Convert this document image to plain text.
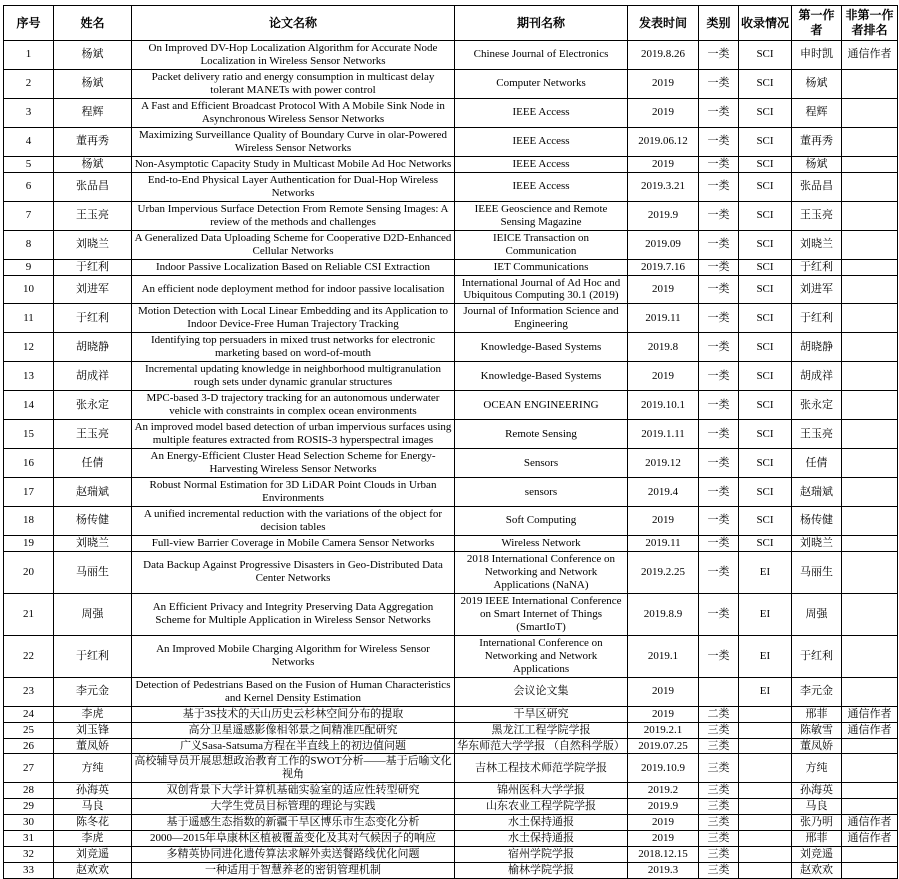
序号	姓名	论文名称	期刊名称	发表时间	类别	收录情况	第一作者	非第一作者排名
1	杨斌	On Improved DV-Hop Localization Algorithm for Accurate Node Localization in Wireless Sensor Networks	Chinese Journal of Electronics	2019.8.26	一类	SCI	申时凯	通信作者
2	杨斌	Packet delivery ratio and energy consumption in multicast delay tolerant MANETs with power control	Computer Networks	2019	一类	SCI	杨斌	
3	程辉	A Fast and Efficient Broadcast Protocol With A Mobile Sink Node in Asynchronous Wireless Sensor Networks	IEEE Access	2019	一类	SCI	程辉	
4	董再秀	Maximizing Surveillance Quality of Boundary Curve in olar-Powered Wireless Sensor Networks	IEEE Access	2019.06.12	一类	SCI	董再秀	
5	杨斌	Non-Asymptotic Capacity Study in Multicast Mobile Ad Hoc Networks	IEEE Access	2019	一类	SCI	杨斌	
6	张品昌	End-to-End Physical Layer Authentication for Dual-Hop Wireless Networks	IEEE Access	2019.3.21	一类	SCI	张品昌	
7	王玉亮	Urban Impervious Surface Detection From Remote Sensing Images: A review of the methods and challenges	IEEE Geoscience and Remote Sensing Magazine	2019.9	一类	SCI	王玉亮	
8	刘晓兰	A Generalized Data Uploading Scheme for Cooperative D2D-Enhanced Cellular Networks	IEICE Transaction on Communication	2019.09	一类	SCI	刘晓兰	
9	于红利	Indoor Passive Localization Based on Reliable CSI Extraction	IET Communications	2019.7.16	一类	SCI	于红利	
10	刘进军	An efficient node deployment method for indoor passive localisation	International Journal of Ad Hoc and Ubiquitous Computing 30.1 (2019)	2019	一类	SCI	刘进军	
11	于红利	Motion Detection with Local Linear Embedding and its Application to Indoor Device-Free Human Trajectory Tracking	Journal of Information Science and Engineering	2019.11	一类	SCI	于红利	
12	胡晓静	Identifying top persuaders in mixed trust networks for electronic marketing based on word-of-mouth	Knowledge-Based Systems	2019.8	一类	SCI	胡晓静	
13	胡成祥	Incremental updating knowledge in neighborhood multigranulation rough sets under dynamic granular structures	Knowledge-Based Systems	2019	一类	SCI	胡成祥	
14	张永定	MPC-based 3-D trajectory tracking for an autonomous underwater vehicle with constraints in complex ocean environments	OCEAN ENGINEERING	2019.10.1	一类	SCI	张永定	
15	王玉亮	An improved model based detection of urban impervious surfaces using multiple features extracted from ROSIS-3 hyperspectral images	Remote Sensing	2019.1.11	一类	SCI	王玉亮	
16	任倩	An Energy-Efficient Cluster Head Selection Scheme for Energy-Harvesting Wireless Sensor Networks	Sensors	2019.12	一类	SCI	任倩	
17	赵瑞斌	Robust Normal Estimation for 3D LiDAR Point Clouds in Urban Environments	sensors	2019.4	一类	SCI	赵瑞斌	
18	杨传健	A unified incremental reduction with the variations of the object for decision tables	Soft Computing	2019	一类	SCI	杨传健	
19	刘晓兰	Full-view Barrier Coverage in Mobile Camera Sensor Networks	Wireless Network	2019.11	一类	SCI	刘晓兰	
20	马丽生	Data Backup Against Progressive Disasters in Geo-Distributed Data Center Networks	2018 International Conference on Networking and Network Applications (NaNA)	2019.2.25	一类	EI	马丽生	
21	周强	An Efficient Privacy and Integrity Preserving Data Aggregation Scheme for Multiple Application in Wireless Sensor Networks	2019 IEEE International Conference on Smart Internet of Things (SmartIoT)	2019.8.9	一类	EI	周强	
22	于红利	An Improved Mobile Charging Algorithm for Wireless Sensor Networks	International Conference on Networking and Network Applications	2019.1	一类	EI	于红利	
23	李元金	Detection of Pedestrians Based on the Fusion of Human Characteristics and Kernel Density Estimation	会议论文集	2019		EI	李元金	
24	李虎	基于3S技术的天山历史云杉林空间分布的提取	干旱区研究	2019	二类		邢菲	通信作者
25	刘玉锋	高分卫星遥感影像相邻景之间精准匹配研究	黑龙江工程学院学报	2019.2.1	三类		陈敏雪	通信作者
26	董凤娇	广义Sasa-Satsuma方程在半直线上的初边值问题	华东师范大学学报 （自然科学版）	2019.07.25	三类		董凤娇	
27	方纯	高校辅导员开展思想政治教育工作的SWOT分析——基于后喻文化视角	吉林工程技术师范学院学报	2019.10.9	三类		方纯	
28	孙海英	双创背景下大学计算机基础实验室的适应性转型研究	锦州医科大学学报	2019.2	三类		孙海英	
29	马良	大学生党员目标管理的理论与实践	山东农业工程学院学报	2019.9	三类		马良	
30	陈冬花	基于遥感生态指数的新疆干旱区博乐市生态变化分析	水土保持通报	2019	三类		张乃明	通信作者
31	李虎	2000—2015年阜康林区植被覆盖变化及其对气候因子的响应	水土保持通报	2019	三类		邢菲	通信作者
32	刘竞遥	多精英协同进化遗传算法求解外卖送餐路线优化问题	宿州学院学报	2018.12.15	三类		刘竞遥	
33	赵欢欢	一种适用于智慧养老的密钥管理机制	榆林学院学报	2019.3	三类		赵欢欢	
